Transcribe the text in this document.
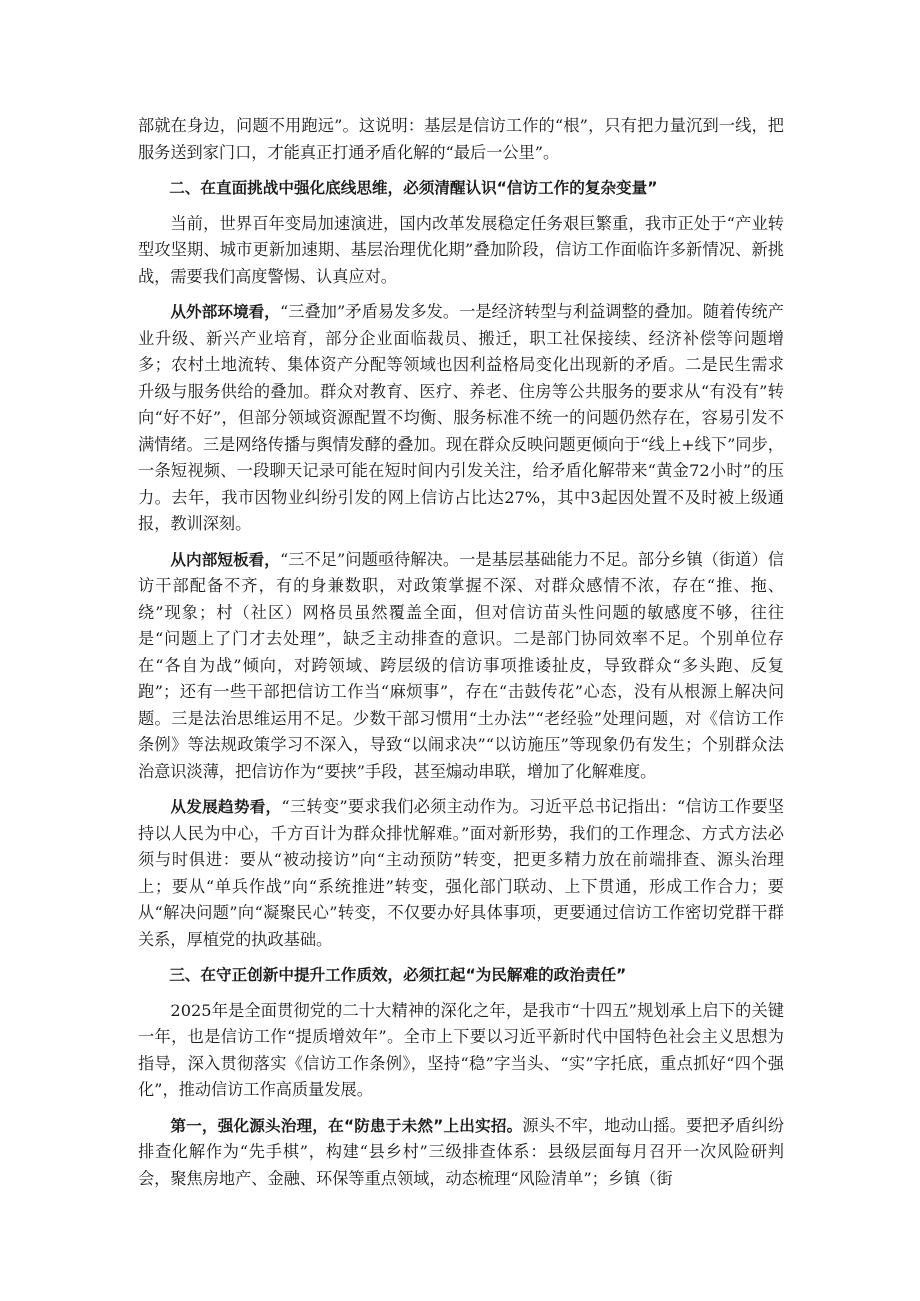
部就在身边，问题不用跑远”。这说明：基层是信访工作的“根”，只有把力量沉到一线，把服务送到家门口，才能真正打通矛盾化解的“最后一公里”。

二、在直面挑战中强化底线思维，必须清醒认识“信访工作的复杂变量”

当前，世界百年变局加速演进，国内改革发展稳定任务艰巨繁重，我市正处于“产业转型攻坚期、城市更新加速期、基层治理优化期”叠加阶段，信访工作面临许多新情况、新挑战，需要我们高度警惕、认真应对。

从外部环境看，“三叠加”矛盾易发多发。一是经济转型与利益调整的叠加。随着传统产业升级、新兴产业培育，部分企业面临裁员、搬迁，职工社保接续、经济补偿等问题增多；农村土地流转、集体资产分配等领域也因利益格局变化出现新的矛盾。二是民生需求升级与服务供给的叠加。群众对教育、医疗、养老、住房等公共服务的要求从“有没有”转向“好不好”，但部分领域资源配置不均衡、服务标准不统一的问题仍然存在，容易引发不满情绪。三是网络传播与舆情发酵的叠加。现在群众反映问题更倾向于“线上+线下”同步，一条短视频、一段聊天记录可能在短时间内引发关注，给矛盾化解带来“黄金72小时”的压力。去年，我市因物业纠纷引发的网上信访占比达27%，其中3起因处置不及时被上级通报，教训深刻。

从内部短板看，“三不足”问题亟待解决。一是基层基础能力不足。部分乡镇（街道）信访干部配备不齐，有的身兼数职，对政策掌握不深、对群众感情不浓，存在“推、拖、绕”现象；村（社区）网格员虽然覆盖全面，但对信访苗头性问题的敏感度不够，往往是“问题上了门才去处理”，缺乏主动排查的意识。二是部门协同效率不足。个别单位存在“各自为战”倾向，对跨领域、跨层级的信访事项推诿扯皮，导致群众“多头跑、反复跑”；还有一些干部把信访工作当“麻烦事”，存在“击鼓传花”心态，没有从根源上解决问题。三是法治思维运用不足。少数干部习惯用“土办法”“老经验”处理问题，对《信访工作条例》等法规政策学习不深入，导致“以闹求决”“以访施压”等现象仍有发生；个别群众法治意识淡薄，把信访作为“要挟”手段，甚至煽动串联，增加了化解难度。

从发展趋势看，“三转变”要求我们必须主动作为。习近平总书记指出：“信访工作要坚持以人民为中心，千方百计为群众排忧解难。”面对新形势，我们的工作理念、方式方法必须与时俱进：要从“被动接访”向“主动预防”转变，把更多精力放在前端排查、源头治理上；要从“单兵作战”向“系统推进”转变，强化部门联动、上下贯通，形成工作合力；要从“解决问题”向“凝聚民心”转变，不仅要办好具体事项，更要通过信访工作密切党群干群关系，厚植党的执政基础。

三、在守正创新中提升工作质效，必须扛起“为民解难的政治责任”

2025年是全面贯彻党的二十大精神的深化之年，是我市“十四五”规划承上启下的关键一年，也是信访工作“提质增效年”。全市上下要以习近平新时代中国特色社会主义思想为指导，深入贯彻落实《信访工作条例》，坚持“稳”字当头、“实”字托底，重点抓好“四个强化”，推动信访工作高质量发展。

第一，强化源头治理，在“防患于未然”上出实招。源头不牢，地动山摇。要把矛盾纠纷排查化解作为“先手棋”，构建“县乡村”三级排查体系：县级层面每月召开一次风险研判会，聚焦房地产、金融、环保等重点领域，动态梳理“风险清单”；乡镇（街
